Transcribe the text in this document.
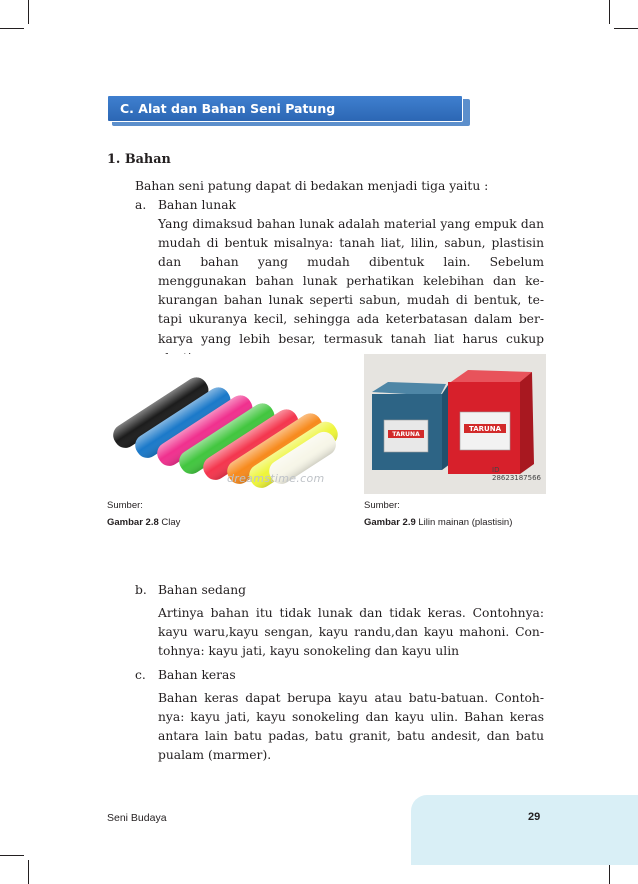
C. Alat dan Bahan Seni Patung
1. Bahan
Bahan seni patung dapat di bedakan menjadi tiga yaitu :
a. Bahan lunak
Yang dimaksud bahan lunak adalah material yang empuk dan mudah di bentuk misalnya: tanah liat, lilin, sabun, plastisin dan bahan yang mudah dibentuk lain. Sebelum menggunakan bahan lunak perhatikan kelebihan dan ke- kurangan bahan lunak seperti sabun, mudah di bentuk, te- tapi ukuranya kecil, sehingga ada keterbatasan dalam ber- karya yang lebih besar, termasuk tanah liat harus cukup
dreamstime.com
TARUNA
TARUNA
ID 28623187566
Sumber:
Gambar 2.8 Clay
Sumber:
Gambar 2.9 Lilin mainan (plastisin)
b. Bahan sedang
Artinya bahan itu tidak lunak dan tidak keras. Contohnya: kayu waru,kayu sengan, kayu randu,dan kayu mahoni. Con- tohnya: kayu jati, kayu sonokeling dan kayu ulin
c. Bahan keras
Bahan keras dapat berupa kayu atau batu-batuan. Contoh- nya: kayu jati, kayu sonokeling dan kayu ulin. Bahan keras antara lain batu padas, batu granit, batu andesit, dan batu pualam (marmer).
Seni Budaya	29
